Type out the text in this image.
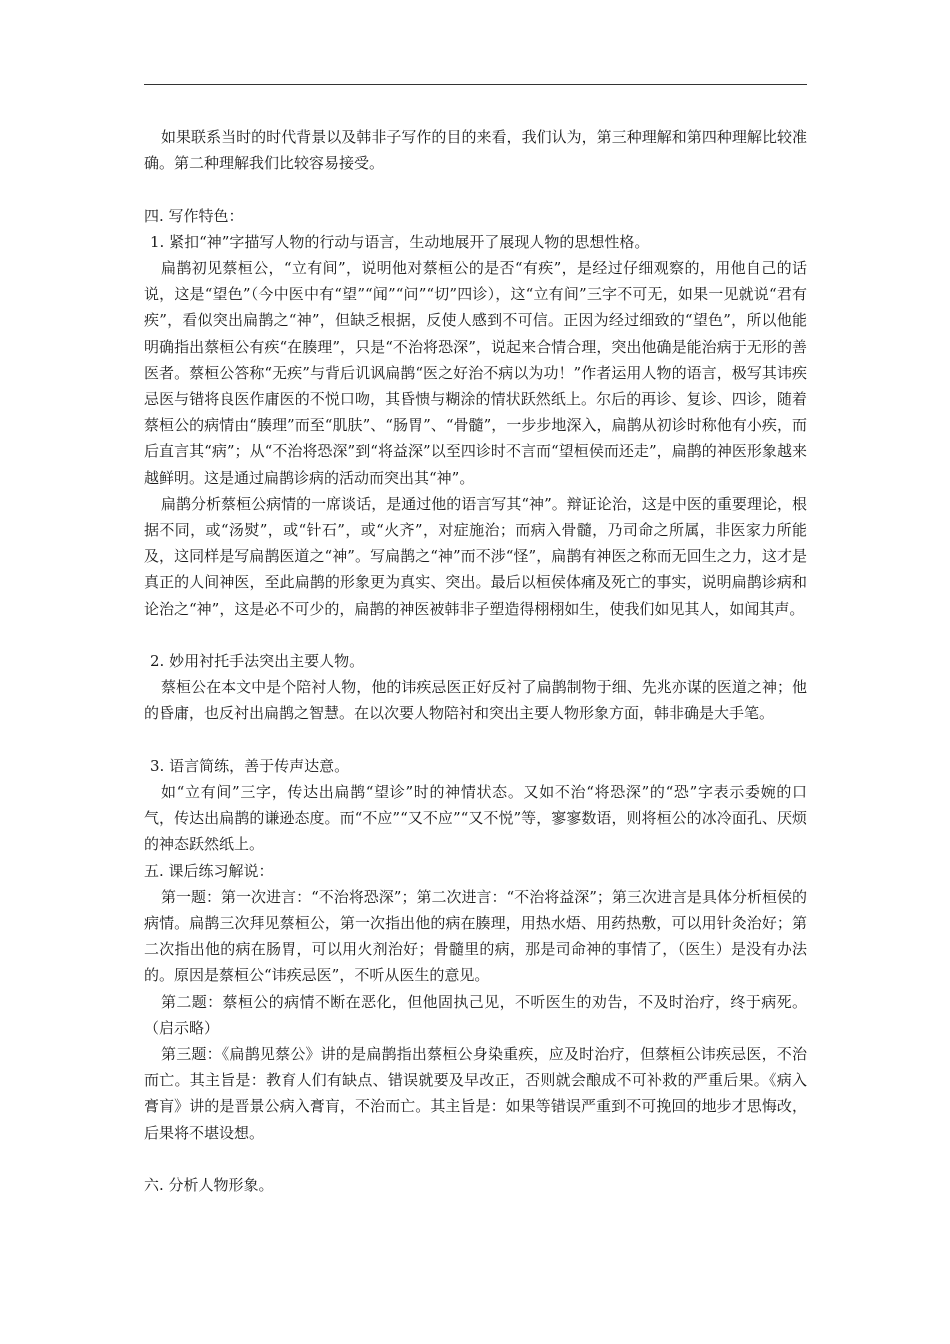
如果联系当时的时代背景以及韩非子写作的目的来看，我们认为，第三种理解和第四种理解比较准确。第二种理解我们比较容易接受。

四. 写作特色：

1. 紧扣“神”字描写人物的行动与语言，生动地展开了展现人物的思想性格。

扁鹊初见蔡桓公，“立有间”，说明他对蔡桓公的是否“有疾”，是经过仔细观察的，用他自己的话说，这是“望色”（今中医中有“望”“闻”“问”“切”四诊），这“立有间”三字不可无，如果一见就说“君有疾”，看似突出扁鹊之“神”，但缺乏根据，反使人感到不可信。正因为经过细致的“望色”，所以他能明确指出蔡桓公有疾“在腠理”，只是“不治将恐深”，说起来合情合理，突出他确是能治病于无形的善医者。蔡桓公答称“无疾”与背后讥讽扁鹊“医之好治不病以为功！”作者运用人物的语言，极写其讳疾忌医与错将良医作庸医的不悦口吻，其昏愦与糊涂的情状跃然纸上。尔后的再诊、复诊、四诊，随着蔡桓公的病情由“腠理”而至“肌肤”、“肠胃”、“骨髓”，一步步地深入，扁鹊从初诊时称他有小疾，而后直言其“病”；从“不治将恐深”到“将益深”以至四诊时不言而“望桓侯而还走”，扁鹊的神医形象越来越鲜明。这是通过扁鹊诊病的活动而突出其“神”。

扁鹊分析蔡桓公病情的一席谈话，是通过他的语言写其“神”。辩证论治，这是中医的重要理论，根据不同，或“汤熨”，或“针石”，或“火齐”，对症施治；而病入骨髓，乃司命之所属，非医家力所能及，这同样是写扁鹊医道之“神”。写扁鹊之“神”而不涉“怪”，扁鹊有神医之称而无回生之力，这才是真正的人间神医，至此扁鹊的形象更为真实、突出。最后以桓侯体痛及死亡的事实，说明扁鹊诊病和论治之“神”，这是必不可少的，扁鹊的神医被韩非子塑造得栩栩如生，使我们如见其人，如闻其声。

2. 妙用衬托手法突出主要人物。

蔡桓公在本文中是个陪衬人物，他的讳疾忌医正好反衬了扁鹊制物于细、先兆亦谋的医道之神；他的昏庸，也反衬出扁鹊之智慧。在以次要人物陪衬和突出主要人物形象方面，韩非确是大手笔。

3. 语言简练，善于传声达意。

如“立有间”三字，传达出扁鹊“望诊”时的神情状态。又如不治“将恐深”的“恐”字表示委婉的口气，传达出扁鹊的谦逊态度。而“不应”“又不应”“又不悦”等，寥寥数语，则将桓公的冰冷面孔、厌烦的神态跃然纸上。

五. 课后练习解说：

第一题：第一次进言：“不治将恐深”；第二次进言：“不治将益深”；第三次进言是具体分析桓侯的病情。扁鹊三次拜见蔡桓公，第一次指出他的病在腠理，用热水焐、用药热敷，可以用针灸治好；第二次指出他的病在肠胃，可以用火剂治好；骨髓里的病，那是司命神的事情了，（医生）是没有办法的。原因是蔡桓公“讳疾忌医”，不听从医生的意见。

第二题：蔡桓公的病情不断在恶化，但他固执己见，不听医生的劝告，不及时治疗，终于病死。（启示略）

第三题：《扁鹊见蔡公》讲的是扁鹊指出蔡桓公身染重疾，应及时治疗，但蔡桓公讳疾忌医，不治而亡。其主旨是：教育人们有缺点、错误就要及早改正，否则就会酿成不可补救的严重后果。《病入膏肓》讲的是晋景公病入膏肓，不治而亡。其主旨是：如果等错误严重到不可挽回的地步才思悔改，后果将不堪设想。

六. 分析人物形象。
